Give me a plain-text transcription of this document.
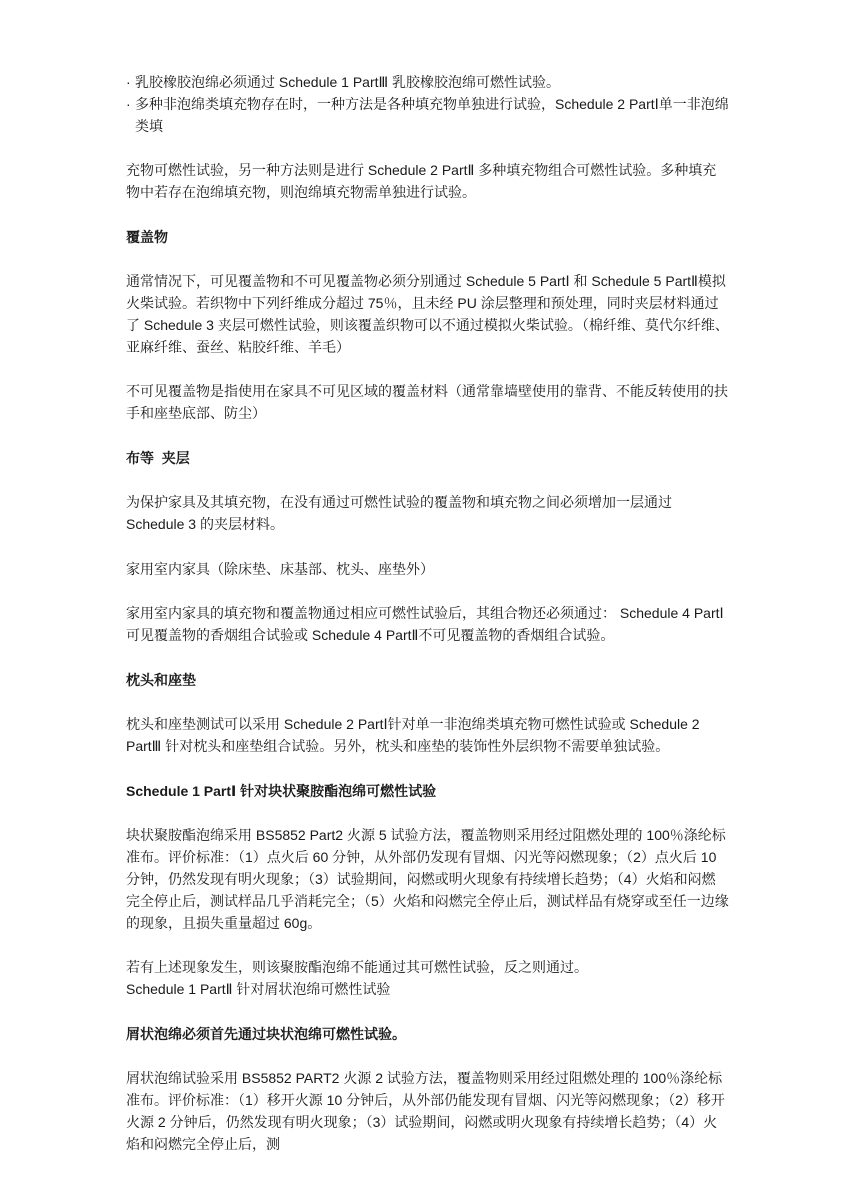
· 乳胶橡胶泡绵必须通过 Schedule 1 PartⅢ 乳胶橡胶泡绵可燃性试验。
· 多种非泡绵类填充物存在时，一种方法是各种填充物单独进行试验，Schedule 2 PartⅠ单一非泡绵类填

充物可燃性试验，另一种方法则是进行 Schedule 2 PartⅡ 多种填充物组合可燃性试验。多种填充物中若存在泡绵填充物，则泡绵填充物需单独进行试验。

覆盖物

通常情况下，可见覆盖物和不可见覆盖物必须分别通过 Schedule 5 PartⅠ 和 Schedule 5 PartⅡ模拟火柴试验。若织物中下列纤维成分超过 75％，且未经 PU 涂层整理和预处理，同时夹层材料通过了 Schedule 3 夹层可燃性试验，则该覆盖织物可以不通过模拟火柴试验。（棉纤维、莫代尔纤维、亚麻纤维、蚕丝、粘胶纤维、羊毛）

不可见覆盖物是指使用在家具不可见区域的覆盖材料（通常靠墙壁使用的靠背、不能反转使用的扶手和座垫底部、防尘）

布等  夹层

为保护家具及其填充物，在没有通过可燃性试验的覆盖物和填充物之间必须增加一层通过 Schedule 3 的夹层材料。

家用室内家具（除床垫、床基部、枕头、座垫外）

家用室内家具的填充物和覆盖物通过相应可燃性试验后，其组合物还必须通过： Schedule 4 PartⅠ可见覆盖物的香烟组合试验或 Schedule 4 PartⅡ不可见覆盖物的香烟组合试验。

枕头和座垫

枕头和座垫测试可以采用 Schedule 2 PartⅠ针对单一非泡绵类填充物可燃性试验或 Schedule 2 PartⅢ 针对枕头和座垫组合试验。另外，枕头和座垫的装饰性外层织物不需要单独试验。

Schedule 1 PartⅠ 针对块状聚胺酯泡绵可燃性试验

块状聚胺酯泡绵采用 BS5852 Part2 火源 5 试验方法，覆盖物则采用经过阻燃处理的 100％涤纶标准布。评价标准：（1）点火后 60 分钟，从外部仍发现有冒烟、闪光等闷燃现象；（2）点火后 10 分钟，仍然发现有明火现象；（3）试验期间，闷燃或明火现象有持续增长趋势；（4）火焰和闷燃完全停止后，测试样品几乎消耗完全；（5）火焰和闷燃完全停止后，测试样品有烧穿或至任一边缘的现象，且损失重量超过 60g。

若有上述现象发生，则该聚胺酯泡绵不能通过其可燃性试验，反之则通过。
Schedule 1 PartⅡ 针对屑状泡绵可燃性试验

屑状泡绵必须首先通过块状泡绵可燃性试验。

屑状泡绵试验采用 BS5852 PART2 火源 2 试验方法，覆盖物则采用经过阻燃处理的 100％涤纶标准布。评价标准：（1）移开火源 10 分钟后，从外部仍能发现有冒烟、闪光等闷燃现象；（2）移开火源 2 分钟后，仍然发现有明火现象；（3）试验期间，闷燃或明火现象有持续增长趋势；（4）火焰和闷燃完全停止后，测
